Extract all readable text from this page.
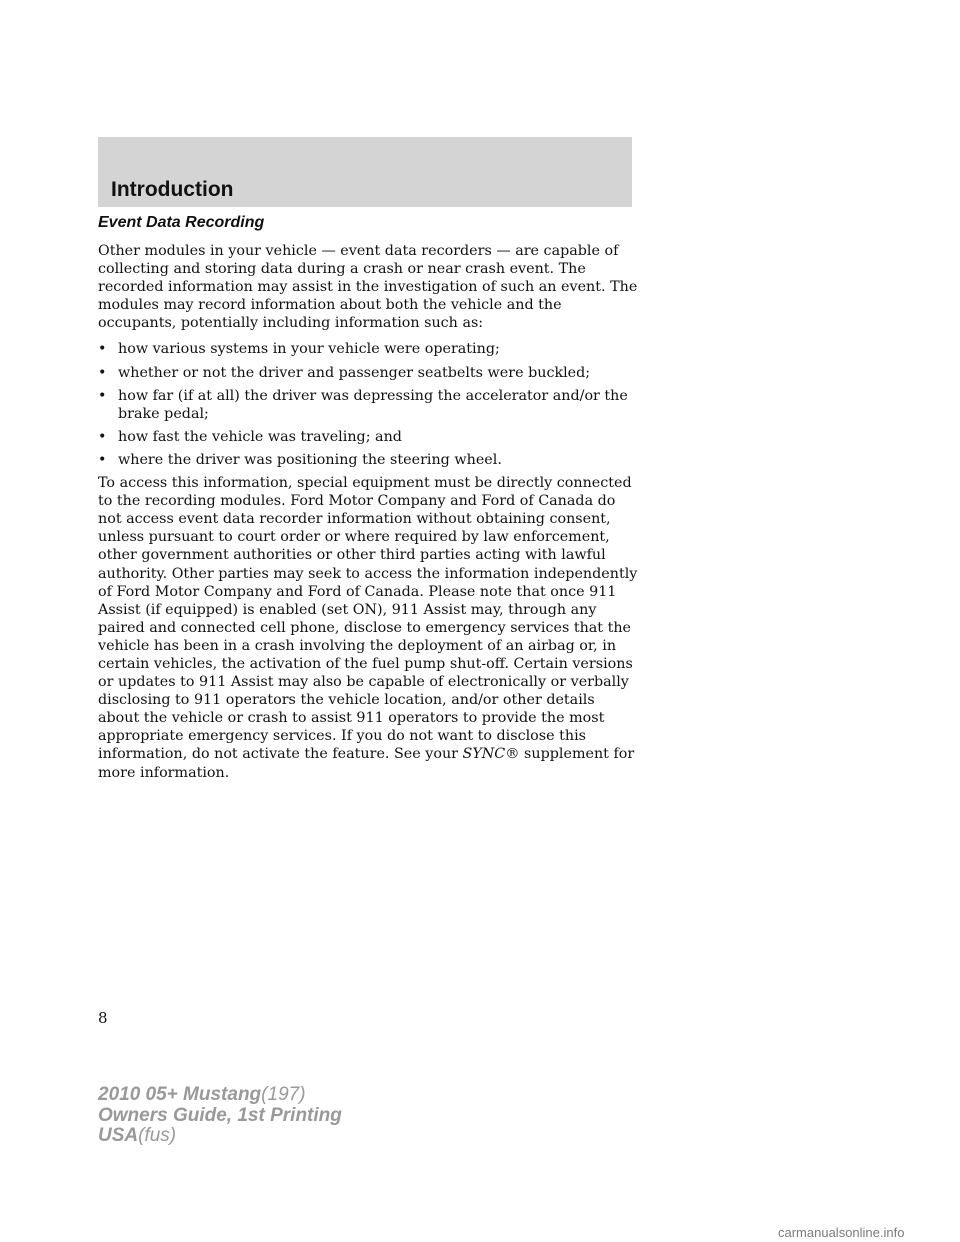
Introduction
Event Data Recording

Other modules in your vehicle — event data recorders — are capable of collecting and storing data during a crash or near crash event. The recorded information may assist in the investigation of such an event. The modules may record information about both the vehicle and the occupants, potentially including information such as:

• how various systems in your vehicle were operating;
• whether or not the driver and passenger seatbelts were buckled;
• how far (if at all) the driver was depressing the accelerator and/or the brake pedal;
• how fast the vehicle was traveling; and
• where the driver was positioning the steering wheel.

To access this information, special equipment must be directly connected to the recording modules. Ford Motor Company and Ford of Canada do not access event data recorder information without obtaining consent, unless pursuant to court order or where required by law enforcement, other government authorities or other third parties acting with lawful authority. Other parties may seek to access the information independently of Ford Motor Company and Ford of Canada. Please note that once 911 Assist (if equipped) is enabled (set ON), 911 Assist may, through any paired and connected cell phone, disclose to emergency services that the vehicle has been in a crash involving the deployment of an airbag or, in certain vehicles, the activation of the fuel pump shut-off. Certain versions or updates to 911 Assist may also be capable of electronically or verbally disclosing to 911 operators the vehicle location, and/or other details about the vehicle or crash to assist 911 operators to provide the most appropriate emergency services. If you do not want to disclose this information, do not activate the feature. See your SYNC® supplement for more information.

8
2010 05+ Mustang(197)
Owners Guide, 1st Printing
USA(fus)
carmanualsonline.info
